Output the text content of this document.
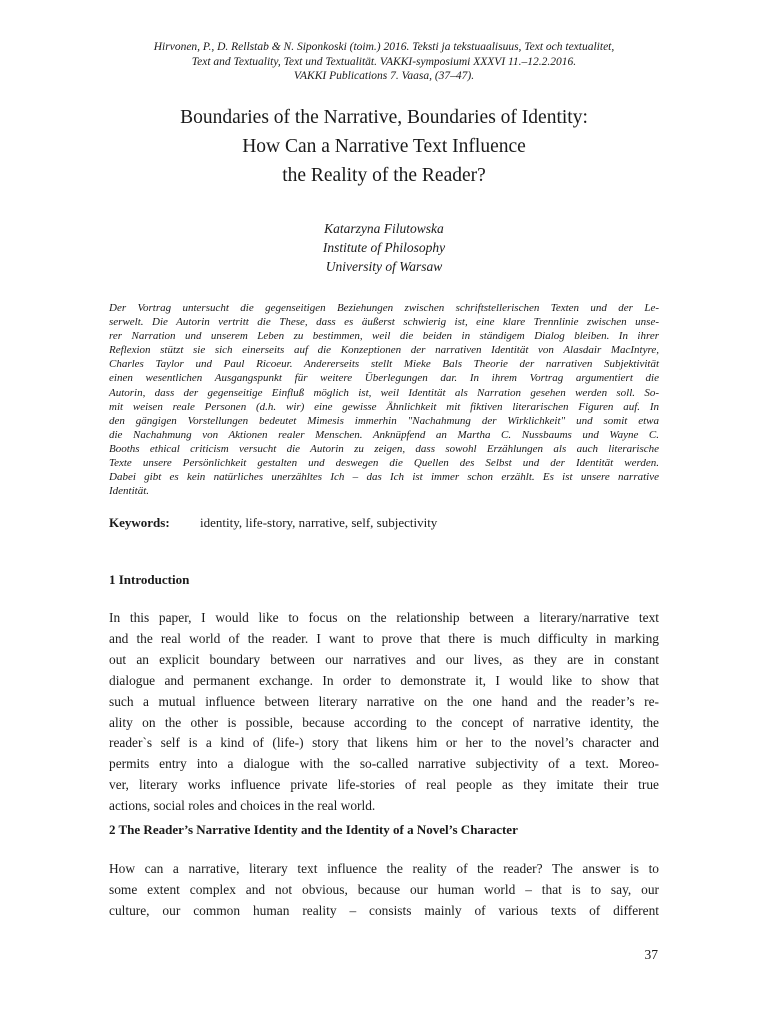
Hirvonen, P., D. Rellstab & N. Siponkoski (toim.) 2016. Teksti ja tekstuaalisuus, Text och textualitet,
Text and Textuality, Text und Textualität. VAKKI-symposiumi XXXVI 11.–12.2.2016.
VAKKI Publications 7. Vaasa, (37–47).
Boundaries of the Narrative, Boundaries of Identity:
How Can a Narrative Text Influence
the Reality of the Reader?
Katarzyna Filutowska
Institute of Philosophy
University of Warsaw
Der Vortrag untersucht die gegenseitigen Beziehungen zwischen schriftstellerischen Texten und der Le-
serwelt. Die Autorin vertritt die These, dass es äußerst schwierig ist, eine klare Trennlinie zwischen unse-
rer Narration und unserem Leben zu bestimmen, weil die beiden in ständigem Dialog bleiben. In ihrer
Reflexion stützt sie sich einerseits auf die Konzeptionen der narrativen Identität von Alasdair MacIntyre,
Charles Taylor und Paul Ricoeur. Andererseits stellt Mieke Bals Theorie der narrativen Subjektivität
einen wesentlichen Ausgangspunkt für weitere Überlegungen dar. In ihrem Vortrag argumentiert die
Autorin, dass der gegenseitige Einfluß möglich ist, weil Identität als Narration gesehen werden soll. So-
mit weisen reale Personen (d.h. wir) eine gewisse Ähnlichkeit mit fiktiven literarischen Figuren auf. In
den gängigen Vorstellungen bedeutet Mimesis immerhin "Nachahmung der Wirklichkeit" und somit etwa
die Nachahmung von Aktionen realer Menschen. Anknüpfend an Martha C. Nussbaums und Wayne C.
Booths ethical criticism versucht die Autorin zu zeigen, dass sowohl Erzählungen als auch literarische
Texte unsere Persönlichkeit gestalten und deswegen die Quellen des Selbst und der Identität werden.
Dabei gibt es kein natürliches unerzähltes Ich – das Ich ist immer schon erzählt. Es ist unsere narrative
Identität.
Keywords: identity, life-story, narrative, self, subjectivity
1 Introduction
In this paper, I would like to focus on the relationship between a literary/narrative text
and the real world of the reader. I want to prove that there is much difficulty in marking
out an explicit boundary between our narratives and our lives, as they are in constant
dialogue and permanent exchange. In order to demonstrate it, I would like to show that
such a mutual influence between literary narrative on the one hand and the reader’s re-
ality on the other is possible, because according to the concept of narrative identity, the
reader`s self is a kind of (life-) story that likens him or her to the novel’s character and
permits entry into a dialogue with the so-called narrative subjectivity of a text. Moreo-
ver, literary works influence private life-stories of real people as they imitate their true
actions, social roles and choices in the real world.
2 The Reader’s Narrative Identity and the Identity of a Novel’s Character
How can a narrative, literary text influence the reality of the reader? The answer is to
some extent complex and not obvious, because our human world – that is to say, our
culture, our common human reality – consists mainly of various texts of different
37
